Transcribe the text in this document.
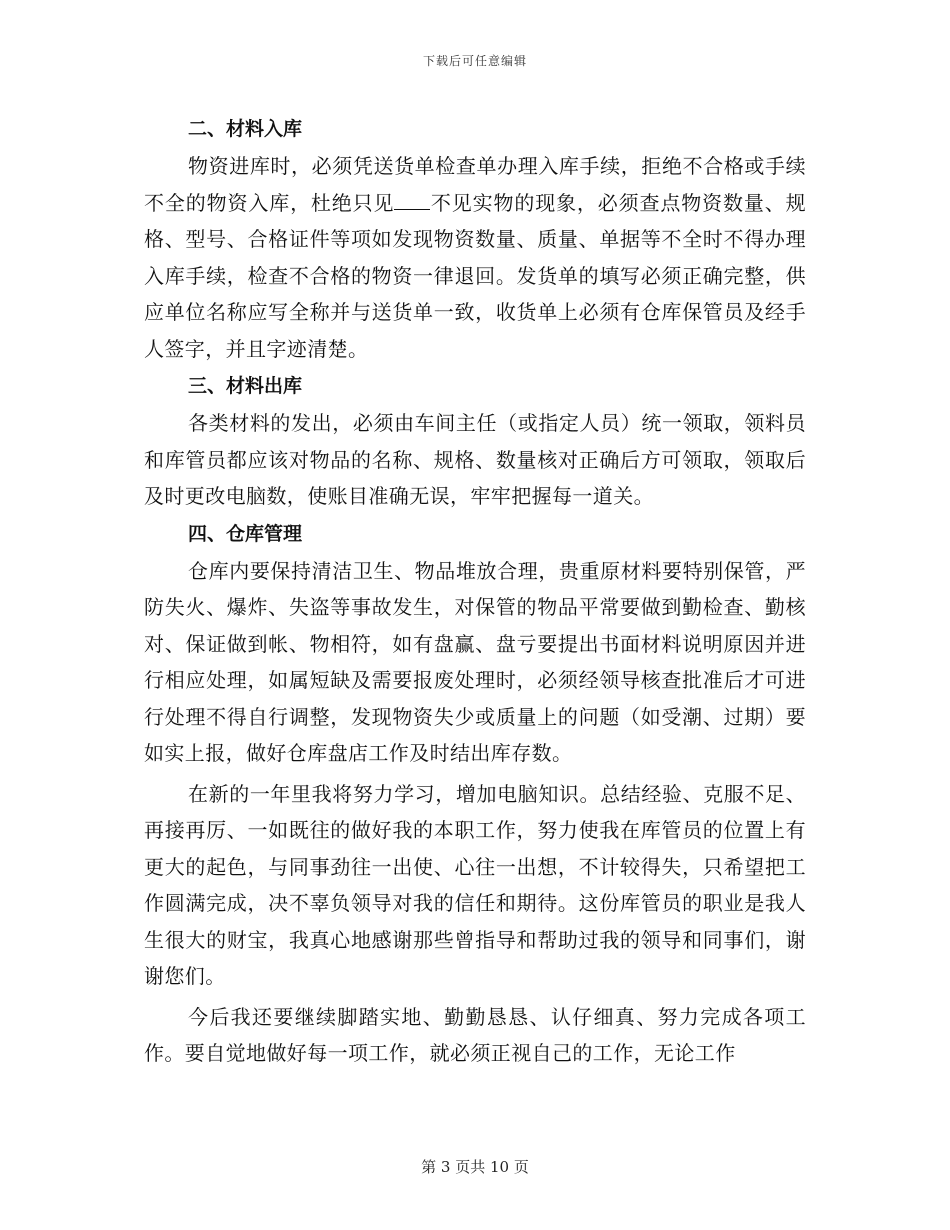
下载后可任意编辑

二、材料入库

物资进库时，必须凭送货单检查单办理入库手续，拒绝不合格或手续不全的物资入库，杜绝只见 不见实物的现象，必须查点物资数量、规格、型号、合格证件等项如发现物资数量、质量、单据等不全时不得办理入库手续，检查不合格的物资一律退回。发货单的填写必须正确完整，供应单位名称应写全称并与送货单一致，收货单上必须有仓库保管员及经手人签字，并且字迹清楚。

三、材料出库

各类材料的发出，必须由车间主任（或指定人员）统一领取，领料员和库管员都应该对物品的名称、规格、数量核对正确后方可领取，领取后及时更改电脑数，使账目准确无误，牢牢把握每一道关。

四、仓库管理

仓库内要保持清洁卫生、物品堆放合理，贵重原材料要特别保管，严防失火、爆炸、失盗等事故发生，对保管的物品平常要做到勤检查、勤核对、保证做到帐、物相符，如有盘赢、盘亏要提出书面材料说明原因并进行相应处理，如属短缺及需要报废处理时，必须经领导核查批准后才可进行处理不得自行调整，发现物资失少或质量上的问题（如受潮、过期）要如实上报，做好仓库盘店工作及时结出库存数。

在新的一年里我将努力学习，增加电脑知识。总结经验、克服不足、再接再厉、一如既往的做好我的本职工作，努力使我在库管员的位置上有更大的起色，与同事劲往一出使、心往一出想，不计较得失，只希望把工作圆满完成，决不辜负领导对我的信任和期待。这份库管员的职业是我人生很大的财宝，我真心地感谢那些曾指导和帮助过我的领导和同事们，谢谢您们。

今后我还要继续脚踏实地、勤勤恳恳、认仔细真、努力完成各项工作。要自觉地做好每一项工作，就必须正视自己的工作，无论工作

第 3 页共 10 页
